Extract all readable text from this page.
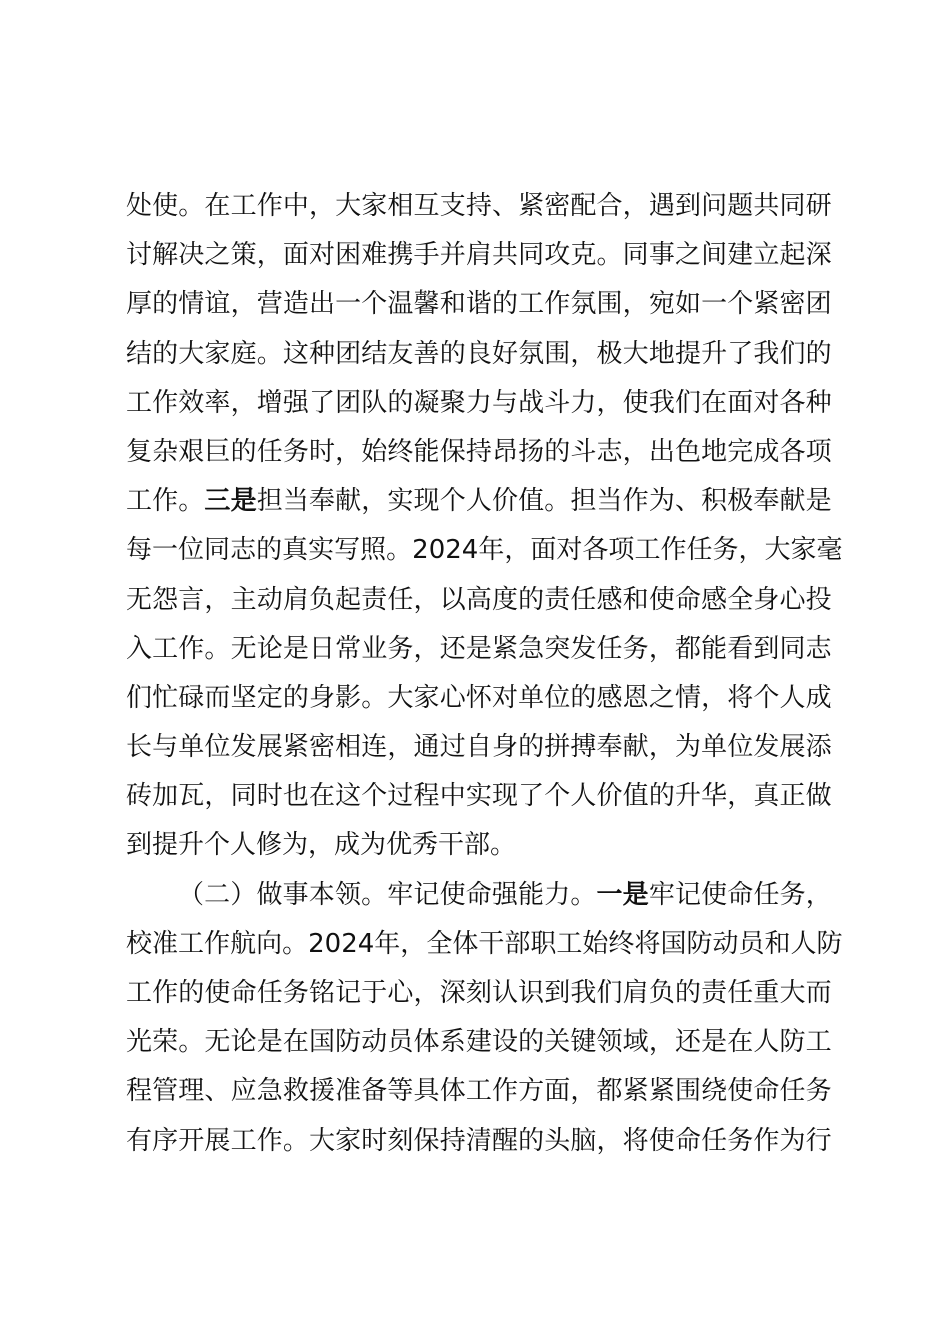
处 使 。 在 工 作 中 ， 大 家 相 互 支 持 、 紧 密 配 合 ， 遇 到 问 题 共 同 研
讨 解 决 之 策 ， 面 对 困 难 携 手 并 肩 共 同 攻 克 。 同 事 之 间 建 立 起 深
厚 的 情 谊 ， 营 造 出 一 个 温 馨 和 谐 的 工 作 氛 围 ， 宛 如 一 个 紧 密 团
结 的 大 家 庭 。 这 种 团 结 友 善 的 良 好 氛 围 ， 极 大 地 提 升 了 我 们 的
工 作 效 率 ， 增 强 了 团 队 的 凝 聚 力 与 战 斗 力 ， 使 我 们 在 面 对 各 种
复 杂 艰 巨 的 任 务 时 ， 始 终 能 保 持 昂 扬 的 斗 志 ， 出 色 地 完 成 各 项
工 作 。 三 是 担 当 奉 献 ， 实 现 个 人 价 值 。 担 当 作 为 、 积 极 奉 献 是
每 一 位 同 志 的 真 实 写 照 。 2024 年 ， 面 对 各 项 工 作 任 务 ， 大 家 毫
无 怨 言 ， 主 动 肩 负 起 责 任 ， 以 高 度 的 责 任 感 和 使 命 感 全 身 心 投
入 工 作 。 无 论 是 日 常 业 务 ， 还 是 紧 急 突 发 任 务 ， 都 能 看 到 同 志
们 忙 碌 而 坚 定 的 身 影 。 大 家 心 怀 对 单 位 的 感 恩 之 情 ， 将 个 人 成
长 与 单 位 发 展 紧 密 相 连 ， 通 过 自 身 的 拼 搏 奉 献 ， 为 单 位 发 展 添
砖 加 瓦 ， 同 时 也 在 这 个 过 程 中 实 现 了 个 人 价 值 的 升 华 ， 真 正 做
到提升个人修为，成为优秀干部。
（ 二 ） 做 事 本 领 。 牢 记 使 命 强 能 力 。 一 是 牢 记 使 命 任 务 ，
校 准 工 作 航 向 。 2024 年 ， 全 体 干 部 职 工 始 终 将 国 防 动 员 和 人 防
工 作 的 使 命 任 务 铭 记 于 心 ， 深 刻 认 识 到 我 们 肩 负 的 责 任 重 大 而
光 荣 。 无 论 是 在 国 防 动 员 体 系 建 设 的 关 键 领 域 ， 还 是 在 人 防 工
程 管 理 、 应 急 救 援 准 备 等 具 体 工 作 方 面 ， 都 紧 紧 围 绕 使 命 任 务
有 序 开 展 工 作 。 大 家 时 刻 保 持 清 醒 的 头 脑 ， 将 使 命 任 务 作 为 行
